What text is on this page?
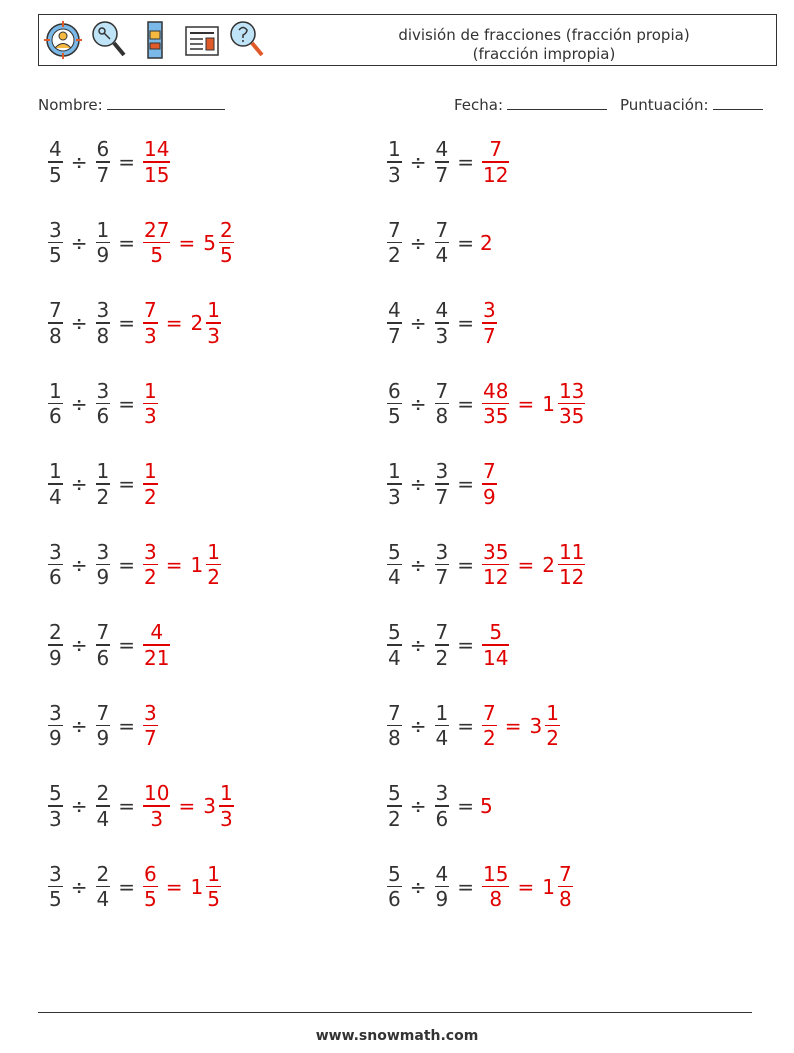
división de fracciones (fracción propia)
(fracción impropia)
Nombre:	Fecha:	Puntuación:
$\frac{4}{5} \div \frac{6}{7} = \frac{14}{15}$	$\frac{1}{3} \div \frac{4}{7} = \frac{7}{12}$
$\frac{3}{5} \div \frac{1}{9} = \frac{27}{5} = 5 \frac{2}{5}$	$\frac{7}{2} \div \frac{7}{4} = 2$
$\frac{7}{8} \div \frac{3}{8} = \frac{7}{3} = 2 \frac{1}{3}$	$\frac{4}{7} \div \frac{4}{3} = \frac{3}{7}$
$\frac{1}{6} \div \frac{3}{6} = \frac{1}{3}$	$\frac{6}{5} \div \frac{7}{8} = \frac{48}{35} = 1 \frac{13}{35}$
$\frac{1}{4} \div \frac{1}{2} = \frac{1}{2}$	$\frac{1}{3} \div \frac{3}{7} = \frac{7}{9}$
$\frac{3}{6} \div \frac{3}{9} = \frac{3}{2} = 1 \frac{1}{2}$	$\frac{5}{4} \div \frac{3}{7} = \frac{35}{12} = 2 \frac{11}{12}$
$\frac{2}{9} \div \frac{7}{6} = \frac{4}{21}$	$\frac{5}{4} \div \frac{7}{2} = \frac{5}{14}$
$\frac{3}{9} \div \frac{7}{9} = \frac{3}{7}$	$\frac{7}{8} \div \frac{1}{4} = \frac{7}{2} = 3 \frac{1}{2}$
$\frac{5}{3} \div \frac{2}{4} = \frac{10}{3} = 3 \frac{1}{3}$	$\frac{5}{2} \div \frac{3}{6} = 5$
$\frac{3}{5} \div \frac{2}{4} = \frac{6}{5} = 1 \frac{1}{5}$	$\frac{5}{6} \div \frac{4}{9} = \frac{15}{8} = 1 \frac{7}{8}$
www.snowmath.com
